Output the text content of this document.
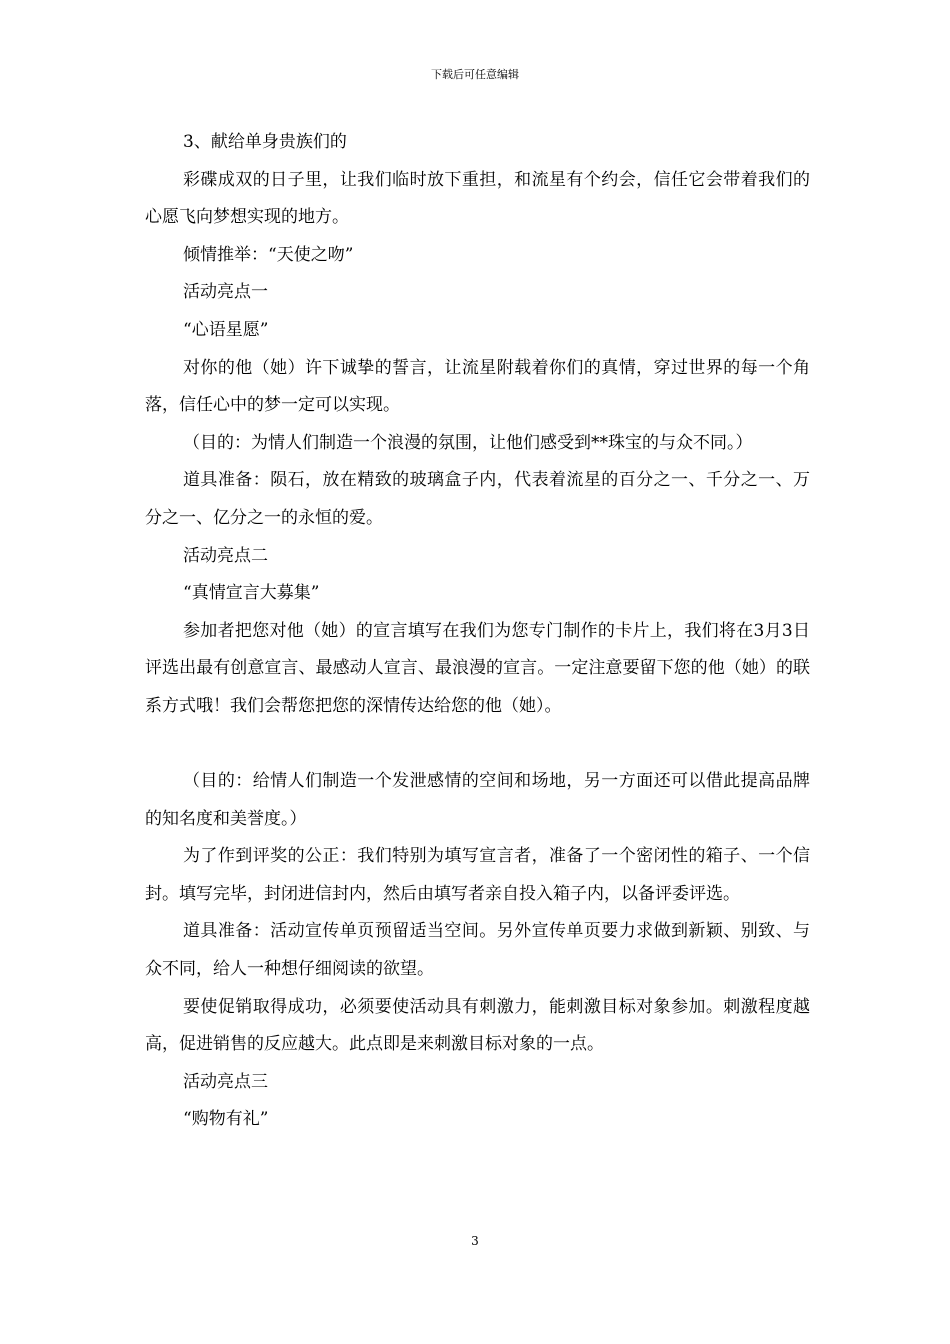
下载后可任意编辑

3、献给单身贵族们的

彩碟成双的日子里，让我们临时放下重担，和流星有个约会，信任它会带着我们的心愿飞向梦想实现的地方。

倾情推举：“天使之吻”

活动亮点一

“心语星愿”

对你的他（她）许下诚挚的誓言，让流星附载着你们的真情，穿过世界的每一个角落，信任心中的梦一定可以实现。

（目的：为情人们制造一个浪漫的氛围，让他们感受到**珠宝的与众不同。）

道具准备：陨石，放在精致的玻璃盒子内，代表着流星的百分之一、千分之一、万分之一、亿分之一的永恒的爱。

活动亮点二

“真情宣言大募集”

参加者把您对他（她）的宣言填写在我们为您专门制作的卡片上，我们将在3月3日评选出最有创意宣言、最感动人宣言、最浪漫的宣言。一定注意要留下您的他（她）的联系方式哦！我们会帮您把您的深情传达给您的他（她）。

（目的：给情人们制造一个发泄感情的空间和场地，另一方面还可以借此提高品牌的知名度和美誉度。）

为了作到评奖的公正：我们特别为填写宣言者，准备了一个密闭性的箱子、一个信封。填写完毕，封闭进信封内，然后由填写者亲自投入箱子内，以备评委评选。

道具准备：活动宣传单页预留适当空间。另外宣传单页要力求做到新颖、别致、与众不同，给人一种想仔细阅读的欲望。

要使促销取得成功，必须要使活动具有刺激力，能刺激目标对象参加。刺激程度越高，促进销售的反应越大。此点即是来刺激目标对象的一点。

活动亮点三

“购物有礼”

3
